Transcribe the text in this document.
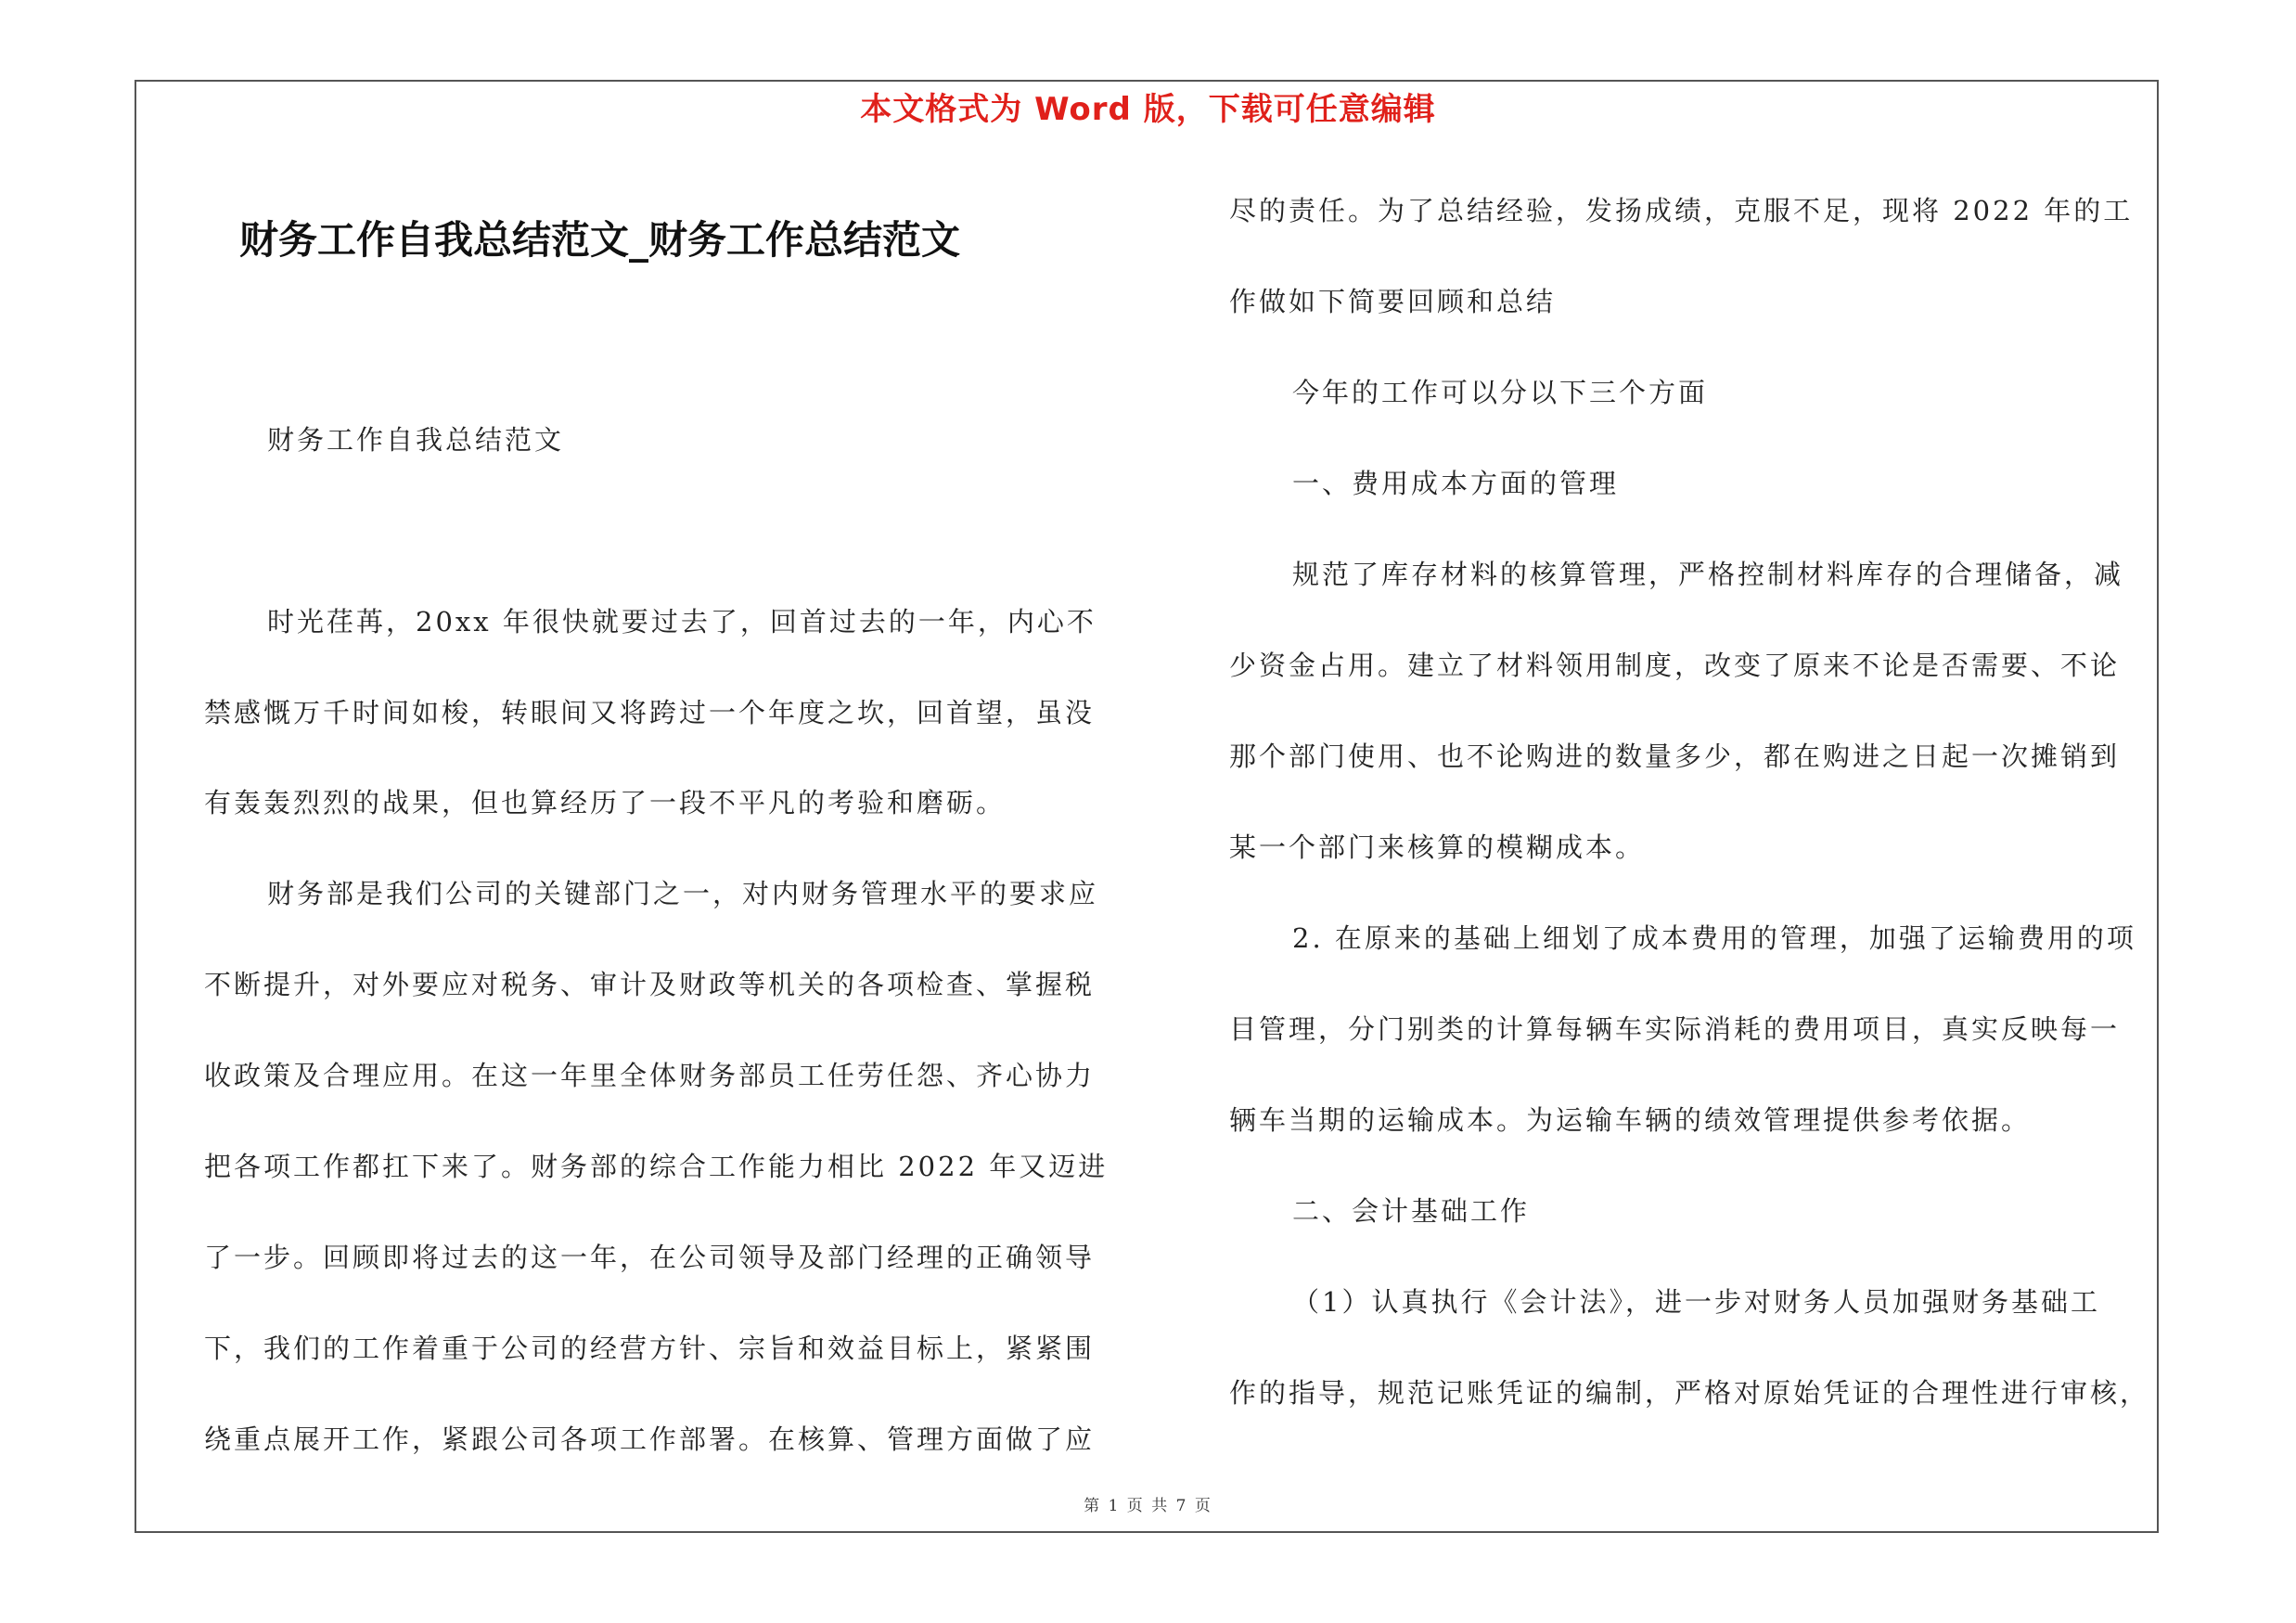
本文格式为 Word 版，下载可任意编辑
财务工作自我总结范文_财务工作总结范文
财务工作自我总结范文
时光荏苒，20xx 年很快就要过去了，回首过去的一年，内心不
禁感慨万千时间如梭，转眼间又将跨过一个年度之坎，回首望，虽没
有轰轰烈烈的战果，但也算经历了一段不平凡的考验和磨砺。
财务部是我们公司的关键部门之一，对内财务管理水平的要求应
不断提升，对外要应对税务、审计及财政等机关的各项检查、掌握税
收政策及合理应用。在这一年里全体财务部员工任劳任怨、齐心协力
把各项工作都扛下来了。财务部的综合工作能力相比 2022 年又迈进
了一步。回顾即将过去的这一年，在公司领导及部门经理的正确领导
下，我们的工作着重于公司的经营方针、宗旨和效益目标上，紧紧围
绕重点展开工作，紧跟公司各项工作部署。在核算、管理方面做了应
尽的责任。为了总结经验，发扬成绩，克服不足，现将 2022 年的工
作做如下简要回顾和总结
今年的工作可以分以下三个方面
一、费用成本方面的管理
规范了库存材料的核算管理，严格控制材料库存的合理储备，减
少资金占用。建立了材料领用制度，改变了原来不论是否需要、不论
那个部门使用、也不论购进的数量多少，都在购进之日起一次摊销到
某一个部门来核算的模糊成本。
2. 在原来的基础上细划了成本费用的管理，加强了运输费用的项
目管理，分门别类的计算每辆车实际消耗的费用项目，真实反映每一
辆车当期的运输成本。为运输车辆的绩效管理提供参考依据。
二、会计基础工作
（1）认真执行《会计法》，进一步对财务人员加强财务基础工
作的指导，规范记账凭证的编制，严格对原始凭证的合理性进行审核，
第 1 页 共 7 页
